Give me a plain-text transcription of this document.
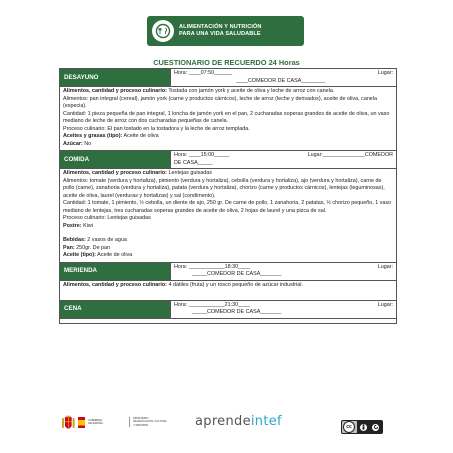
ALIMENTACIÓN Y NUTRICIÓN
PARA UNA VIDA SALUDABLE
CUESTIONARIO DE RECUERDO 24 Horas
DESAYUNO
Hora: ____07:50______	Lugar:
____COMEDOR DE CASA________

Alimentos, cantidad y proceso culinario: Tostada con jamón york y aceite de oliva y leche de arroz con canela.

Alimentos: pan integral (cereal), jamón york (carne y productos cárnicos), leche de arroz (leche y derivados), aceite de oliva, canela (especia).

Cantidad: 1 pieza pequeña de pan integral, 1 loncha de jamón york en el pan, 2 cucharadas soperas grandes de aceite de oliva, un vaso mediano de leche de arroz con dos cucharadas pequeñas de canela.

Proceso culinario: El pan tostado en la tostadora y la leche de arroz templada.

Aceites y grasas (tipo): Aceite de oliva

Azúcar: No

COMIDA
Hora: ____15:00_____	Lugar:______________COMEDOR
DE CASA_____

Alimentos, cantidad y proceso culinario: Lentejas guisadas

Alimentos: tomate (verdura y hortaliza), pimiento (verdura y hortaliza), cebolla (verdura y hortaliza), ajo (verdura y hortaliza), carne de pollo (carne), zanahoria (verdura y hortaliza), patata (verdura y hortaliza), chorizo (carne y productos cárnicos), lentejas (leguminosas), aceite de oliva, laurel (verduras y hortalizas) y sal (condimento).

Cantidad: 1 tomate, 1 pimiento, ½ cebolla, un diente de ajo, 250 gr. De carne de pollo, 1 zanahoria, 2 patatas, ½ chorizo pequeño, 1 vaso mediano de lentejas, tres cucharadas soperas grandes de aceite de oliva, 2 hojas de laurel y una pizca de sal.

Proceso culinario: Lentejas guisadas

Postre: Kiwi

Bebidas: 2 vasos de agua

Pan: 250gr. De pan

Aceite (tipo): Aceite de oliva

MERIENDA
Hora: ____________18:30____	Lugar:
_____COMEDOR DE CASA_______

Alimentos, cantidad y proceso culinario: 4 dátiles (fruta) y un rosco pequeño de azúcar industrial.

CENA
Hora: ____________21:30____	Lugar:
_____COMEDOR DE CASA_______
GOBIERNO
DE ESPAÑA
MINISTERIO
DE EDUCACIÓN, CULTURA
Y DEPORTE	aprendeintef	cc
